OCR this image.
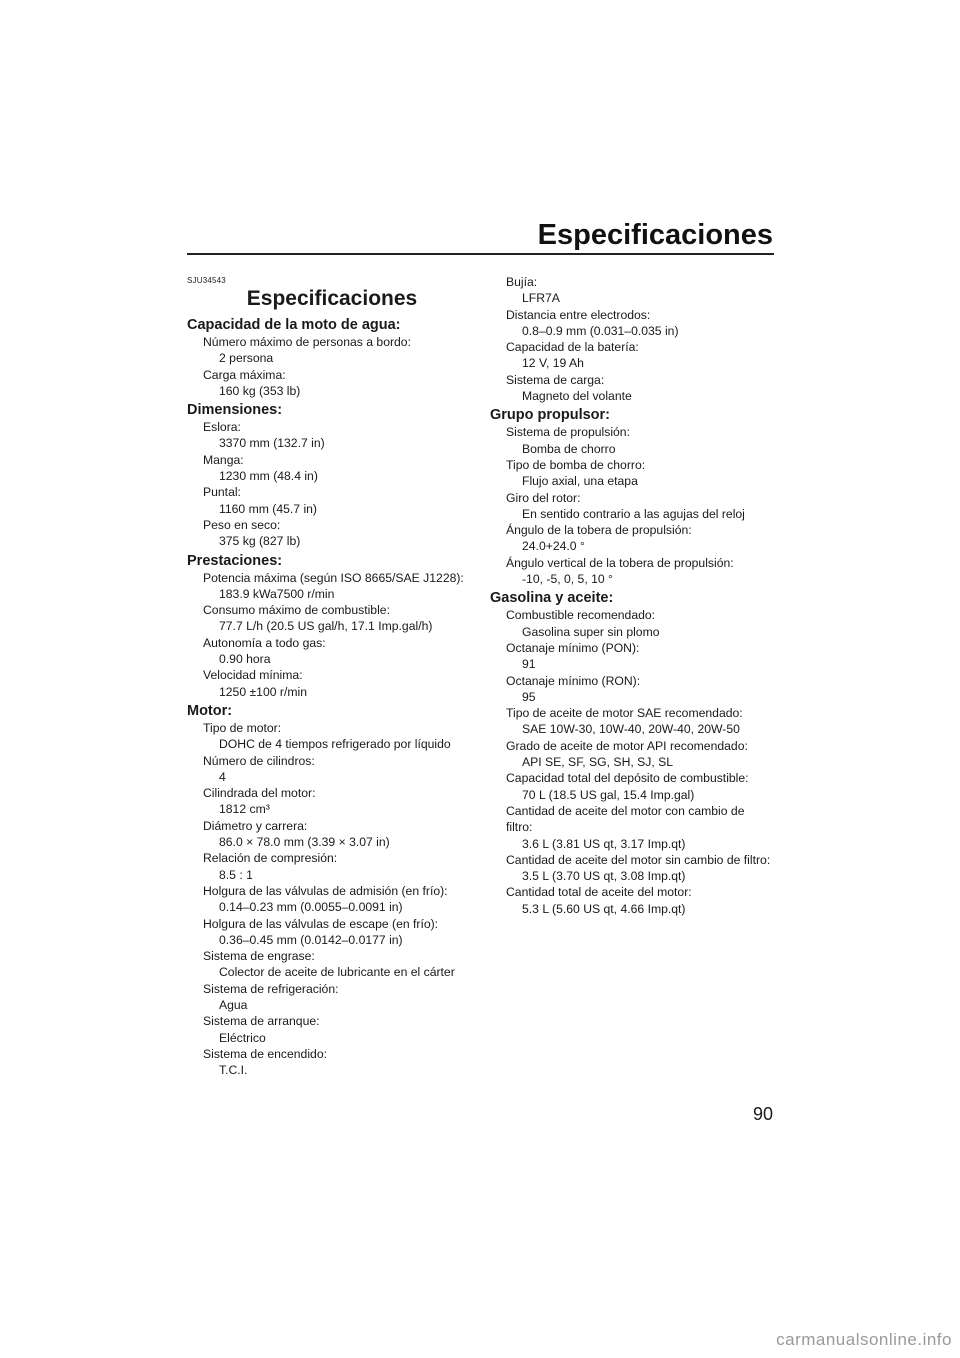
Especificaciones
SJU34543
Especificaciones
Capacidad de la moto de agua:
Número máximo de personas a bordo:
2 persona
Carga máxima:
160 kg (353 lb)
Dimensiones:
Eslora:
3370 mm (132.7 in)
Manga:
1230 mm (48.4 in)
Puntal:
1160 mm (45.7 in)
Peso en seco:
375 kg (827 lb)
Prestaciones:
Potencia máxima (según ISO 8665/SAE J1228):
183.9 kWa7500 r/min
Consumo máximo de combustible:
77.7 L/h (20.5 US gal/h, 17.1 Imp.gal/h)
Autonomía a todo gas:
0.90 hora
Velocidad mínima:
1250 ±100 r/min
Motor:
Tipo de motor:
DOHC de 4 tiempos refrigerado por líquido
Número de cilindros:
4
Cilindrada del motor:
1812 cm³
Diámetro y carrera:
86.0 × 78.0 mm (3.39 × 3.07 in)
Relación de compresión:
8.5 : 1
Holgura de las válvulas de admisión (en frío):
0.14–0.23 mm (0.0055–0.0091 in)
Holgura de las válvulas de escape (en frío):
0.36–0.45 mm (0.0142–0.0177 in)
Sistema de engrase:
Colector de aceite de lubricante en el cárter
Sistema de refrigeración:
Agua
Sistema de arranque:
Eléctrico
Sistema de encendido:
T.C.I.
Bujía:
LFR7A
Distancia entre electrodos:
0.8–0.9 mm (0.031–0.035 in)
Capacidad de la batería:
12 V, 19 Ah
Sistema de carga:
Magneto del volante
Grupo propulsor:
Sistema de propulsión:
Bomba de chorro
Tipo de bomba de chorro:
Flujo axial, una etapa
Giro del rotor:
En sentido contrario a las agujas del reloj
Ángulo de la tobera de propulsión:
24.0+24.0 °
Ángulo vertical de la tobera de propulsión:
-10, -5, 0, 5, 10 °
Gasolina y aceite:
Combustible recomendado:
Gasolina super sin plomo
Octanaje mínimo (PON):
91
Octanaje mínimo (RON):
95
Tipo de aceite de motor SAE recomendado:
SAE 10W-30, 10W-40, 20W-40, 20W-50
Grado de aceite de motor API recomendado:
API SE, SF, SG, SH, SJ, SL
Capacidad total del depósito de combustible:
70 L (18.5 US gal, 15.4 Imp.gal)
Cantidad de aceite del motor con cambio de filtro:
3.6 L (3.81 US qt, 3.17 Imp.qt)
Cantidad de aceite del motor sin cambio de filtro:
3.5 L (3.70 US qt, 3.08 Imp.qt)
Cantidad total de aceite del motor:
5.3 L (5.60 US qt, 4.66 Imp.qt)
90
carmanualsonline.info
